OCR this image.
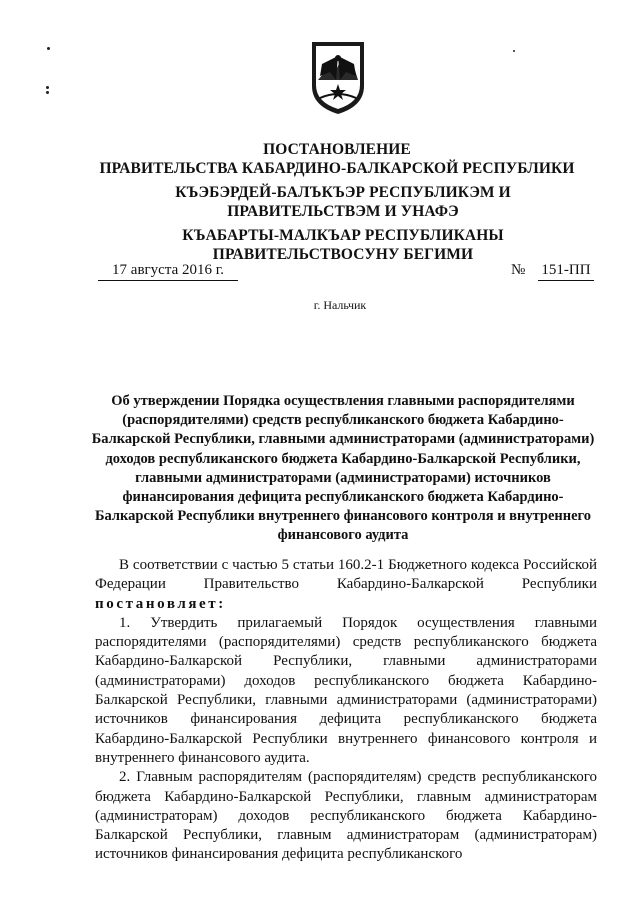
ПОСТАНОВЛЕНИЕ
ПРАВИТЕЛЬСТВА КАБАРДИНО-БАЛКАРСКОЙ РЕСПУБЛИКИ
КЪЭБЭРДЕЙ-БАЛЪКЪЭР РЕСПУБЛИКЭМ И ПРАВИТЕЛЬСТВЭМ И УНАФЭ
КЪАБАРТЫ-МАЛКЪАР РЕСПУБЛИКАНЫ ПРАВИТЕЛЬСТВОСУНУ БЕГИМИ
17 августа 2016 г.	№ 151-ПП
г. Нальчик
Об утверждении Порядка осуществления главными распорядителями (распорядителями) средств республиканского бюджета Кабардино-Балкарской Республики, главными администраторами (администраторами) доходов республиканского бюджета Кабардино-Балкарской Республики, главными администраторами (администраторами) источников финансирования дефицита республиканского бюджета Кабардино-Балкарской Республики внутреннего финансового контроля и внутреннего финансового аудита

В соответствии с частью 5 статьи 160.2-1 Бюджетного кодекса Российской Федерации Правительство Кабардино-Балкарской Республики постановляет:

1. Утвердить прилагаемый Порядок осуществления главными распорядителями (распорядителями) средств республиканского бюджета Кабардино-Балкарской Республики, главными администраторами (администраторами) доходов республиканского бюджета Кабардино-Балкарской Республики, главными администраторами (администраторами) источников финансирования дефицита республиканского бюджета Кабардино-Балкарской Республики внутреннего финансового контроля и внутреннего финансового аудита.

2. Главным распорядителям (распорядителям) средств республиканского бюджета Кабардино-Балкарской Республики, главным администраторам (администраторам) доходов республиканского бюджета Кабардино-Балкарской Республики, главным администраторам (администраторам) источников финансирования дефицита республиканского
